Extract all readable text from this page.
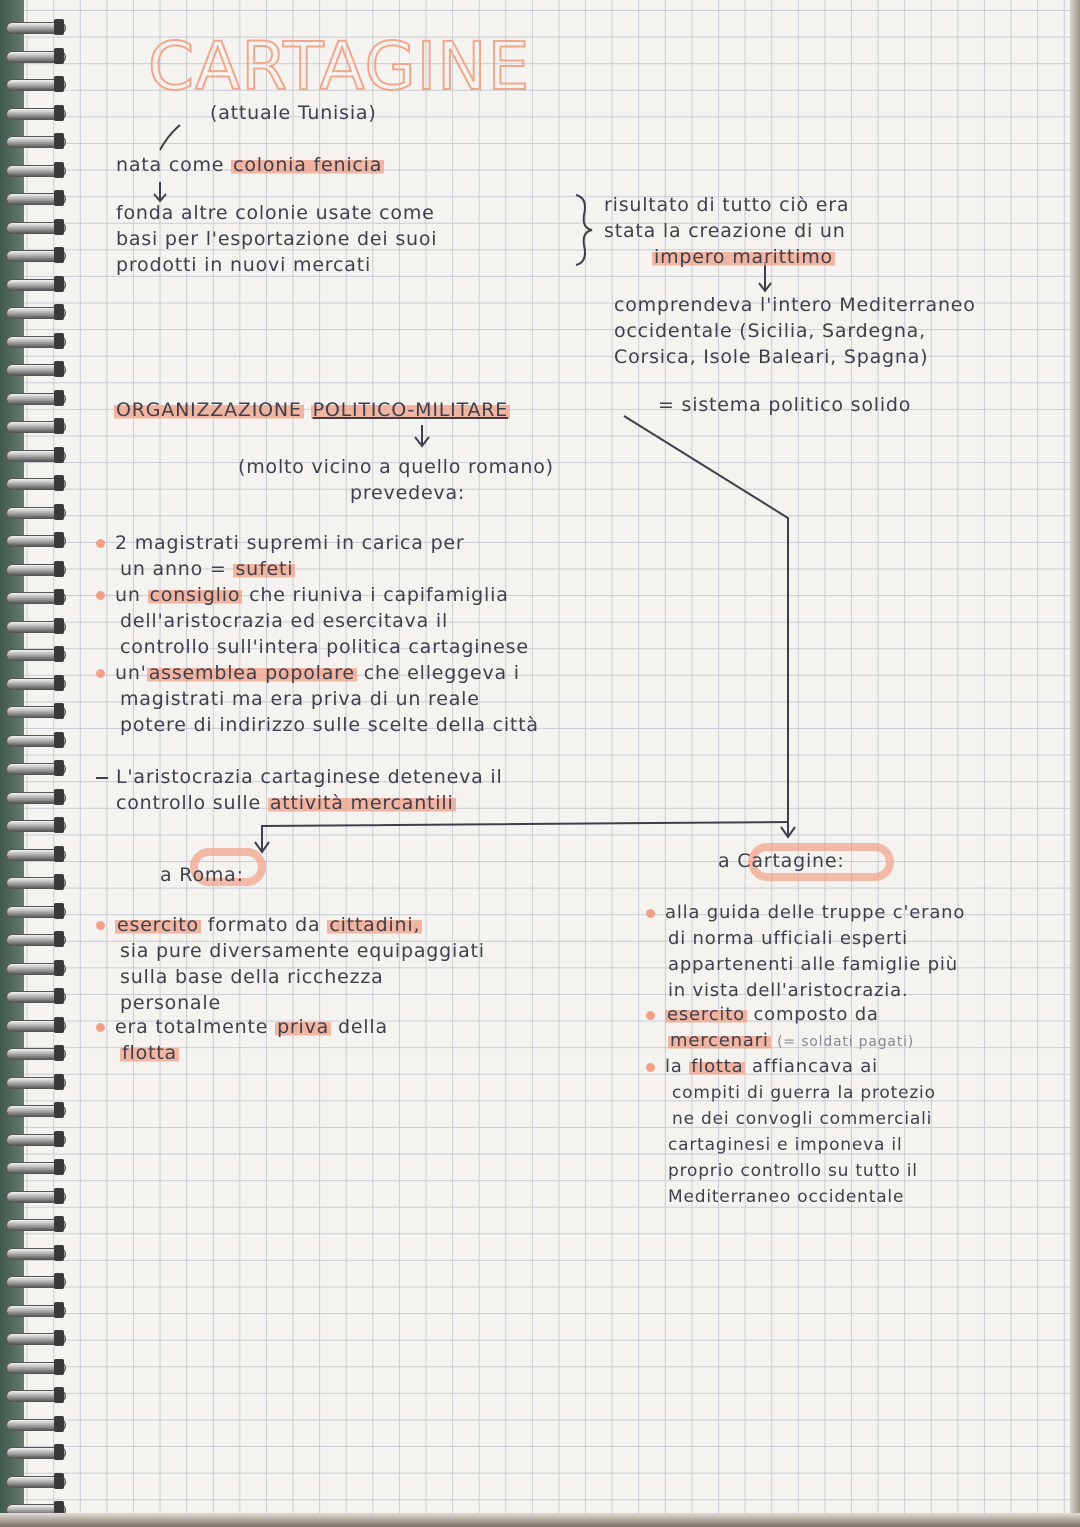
CARTAGINE
(attuale Tunisia)
nata come colonia fenicia
fonda altre colonie usate come
basi per l'esportazione dei suoi
prodotti in nuovi mercati
risultato di tutto ciò era
stata la creazione di un
impero marittimo
comprendeva l'intero Mediterraneo
occidentale (Sicilia, Sardegna,
Corsica, Isole Baleari, Spagna)
ORGANIZZAZIONE POLITICO-MILITARE	= sistema politico solido
(molto vicino a quello romano)
prevedeva:
2 magistrati supremi in carica per
un anno = sufeti
un consiglio che riuniva i capifamiglia
dell'aristocrazia ed esercitava il
controllo sull'intera politica cartaginese
un' assemblea popolare che elleggeva i
magistrati ma era priva di un reale
potere di indirizzo sulle scelte della città
L'aristocrazia cartaginese deteneva il
controllo sulle attività mercantili
a Roma:
esercito formato da cittadini,
sia pure diversamente equipaggiati
sulla base della ricchezza
personale
era totalmente priva della
flotta
a Cartagine:
alla guida delle truppe c'erano
di norma ufficiali esperti
appartenenti alle famiglie più
in vista dell'aristocrazia.
esercito composto da
mercenari (= soldati pagati)
la flotta affiancava ai
compiti di guerra la protezio
ne dei convogli commerciali
cartaginesi e imponeva il
proprio controllo su tutto il
Mediterraneo occidentale
